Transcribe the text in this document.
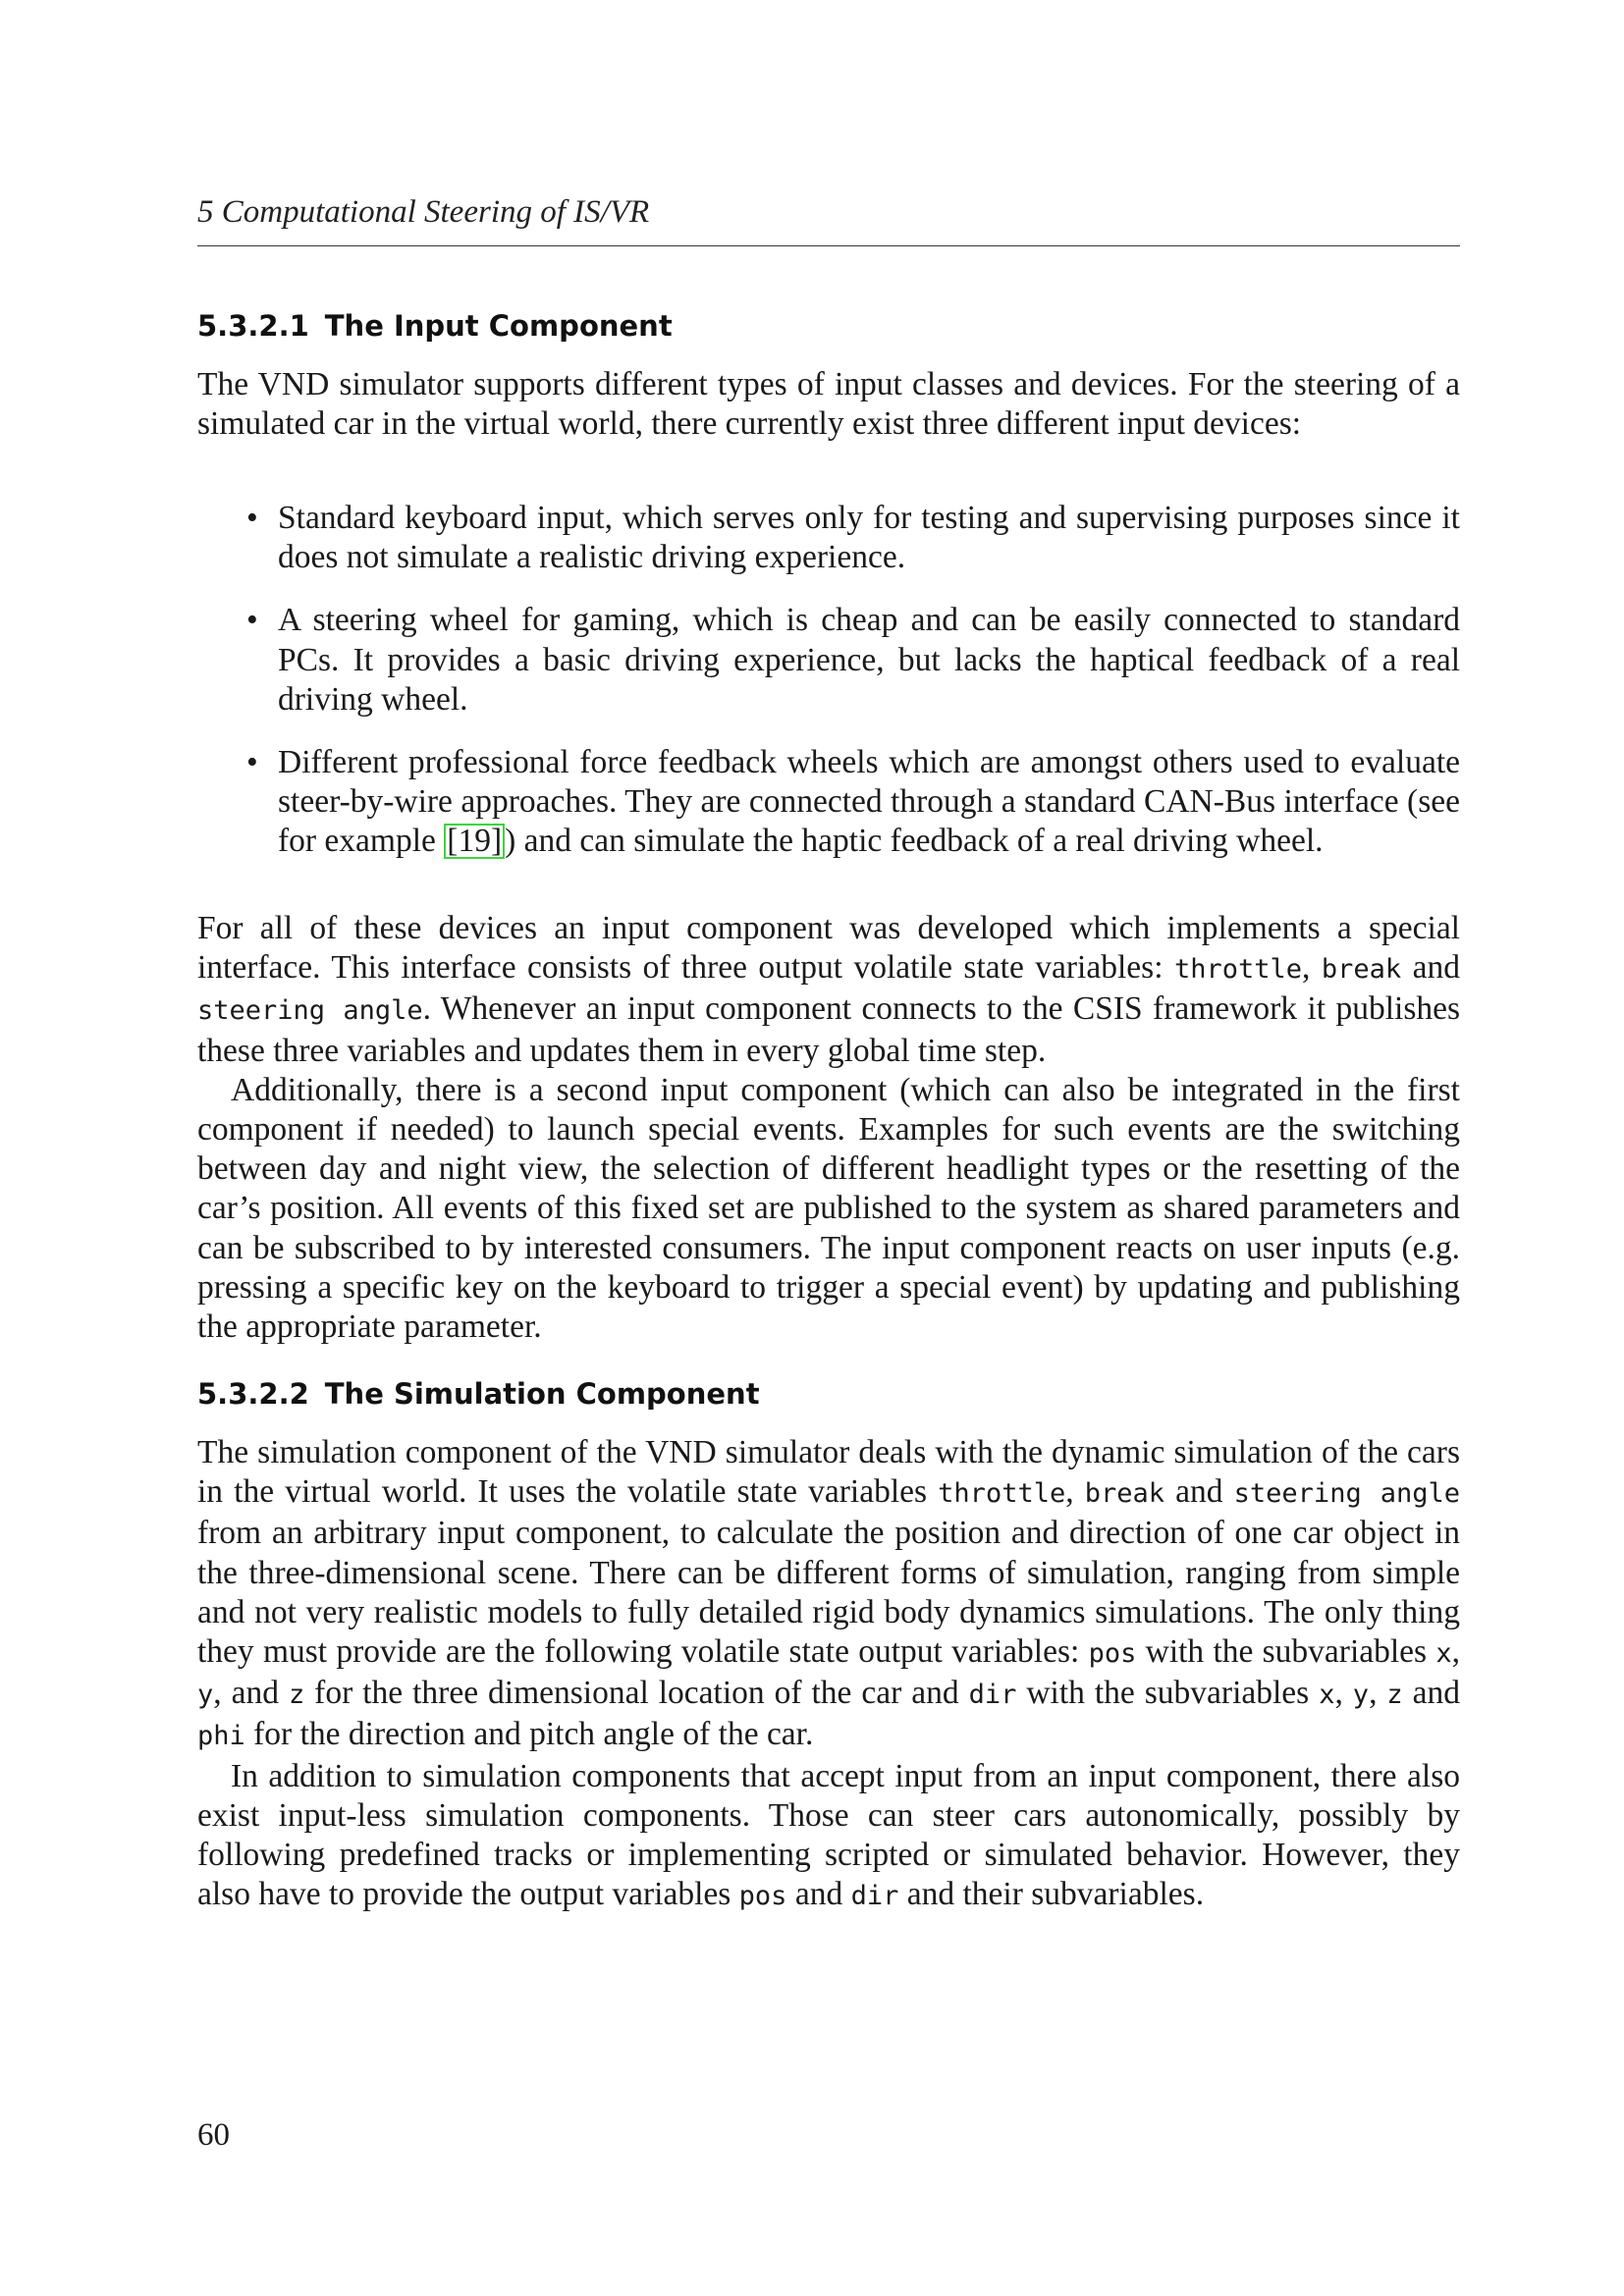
5 Computational Steering of IS/VR
5.3.2.1 The Input Component

The VND simulator supports different types of input classes and devices. For the steering of a simulated car in the virtual world, there currently exist three different input devices:

• Standard keyboard input, which serves only for testing and supervising purposes since it does not simulate a realistic driving experience.
• A steering wheel for gaming, which is cheap and can be easily connected to standard PCs. It provides a basic driving experience, but lacks the haptical feedback of a real driving wheel.
• Different professional force feedback wheels which are amongst others used to evaluate steer-by-wire approaches. They are connected through a standard CAN-Bus interface (see for example [19]) and can simulate the haptic feedback of a real driving wheel.

For all of these devices an input component was developed which implements a special interface. This interface consists of three output volatile state variables: throttle, break and steering angle. Whenever an input component connects to the CSIS framework it publishes these three variables and updates them in every global time step.

Additionally, there is a second input component (which can also be integrated in the first component if needed) to launch special events. Examples for such events are the switching between day and night view, the selection of different headlight types or the resetting of the car’s position. All events of this fixed set are published to the system as shared parameters and can be subscribed to by interested consumers. The input component reacts on user inputs (e.g. pressing a specific key on the keyboard to trigger a special event) by updating and publishing the appropriate parameter.

5.3.2.2 The Simulation Component

The simulation component of the VND simulator deals with the dynamic simulation of the cars in the virtual world. It uses the volatile state variables throttle, break and steering angle from an arbitrary input component, to calculate the position and direction of one car object in the three-dimensional scene. There can be different forms of simulation, ranging from simple and not very realistic models to fully detailed rigid body dynamics simulations. The only thing they must provide are the following volatile state output variables: pos with the subvariables x, y, and z for the three dimensional location of the car and dir with the subvariables x, y, z and phi for the direction and pitch angle of the car.

In addition to simulation components that accept input from an input component, there also exist input-less simulation components. Those can steer cars autonomically, possibly by following predefined tracks or implementing scripted or simulated behavior. However, they also have to provide the output variables pos and dir and their subvariables.

60
